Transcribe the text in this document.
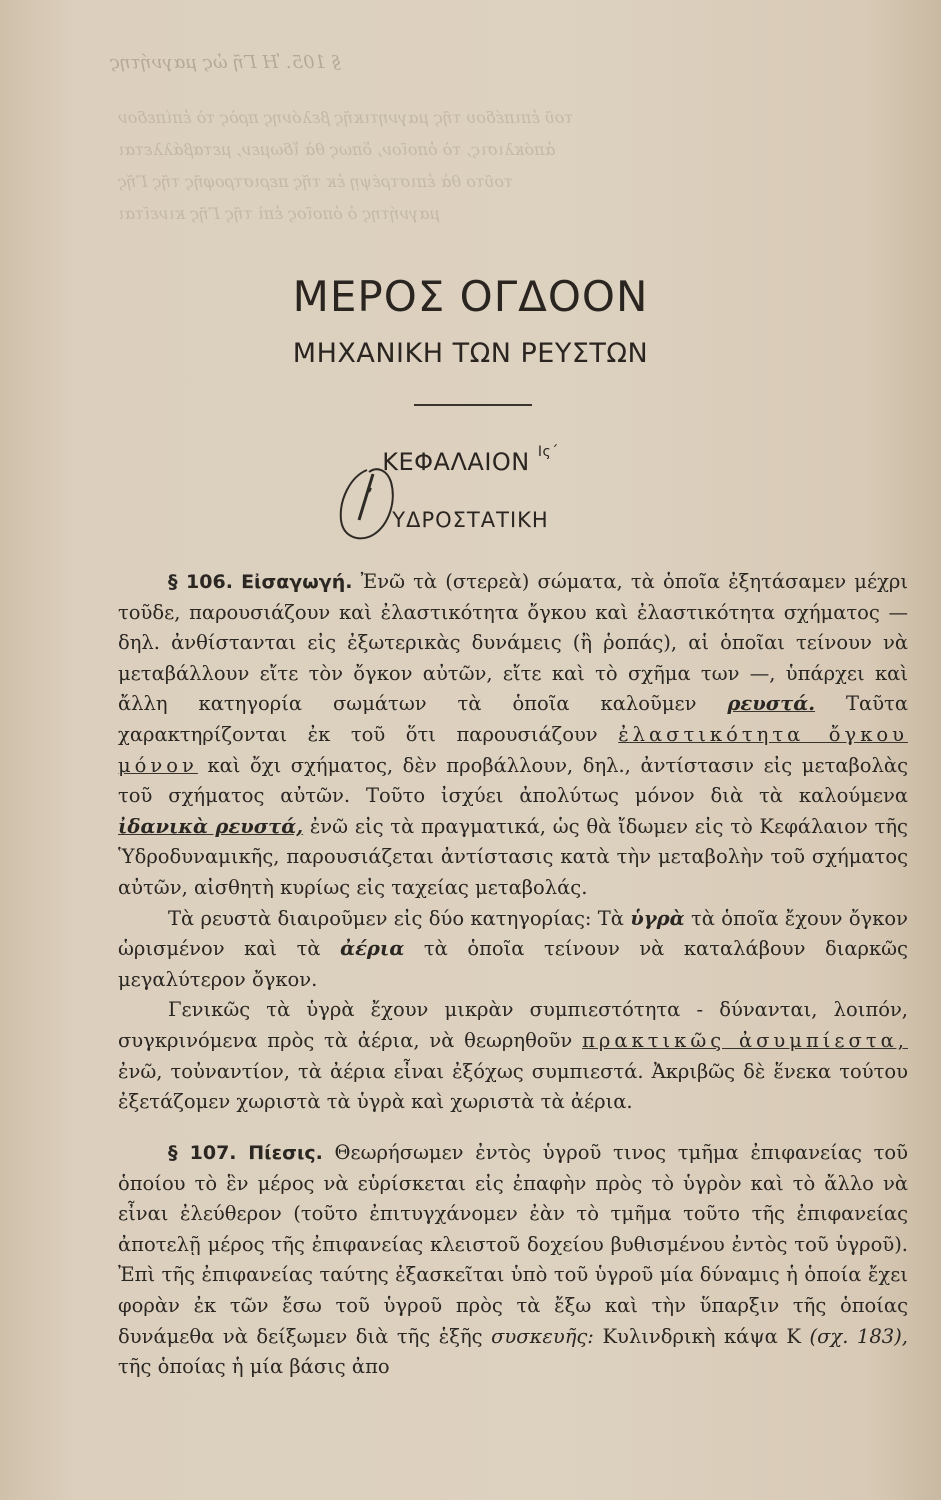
§ 105. Ἡ Γῆ ὡς μαγνήτης
τοῦ ἐπιπέδου τῆς μαγνητικῆς βελόνης πρὸς τὸ ἐπίπεδον
ἀπόκλισις, τὸ ὁποῖον, ὅπως θὰ ἴδωμεν, μεταβάλλεται
τοῦτο θὰ ἐπιστρέψῃ ἐκ τῆς περιστροφῆς τῆς Γῆς
μαγνήτης ὁ ὁποῖος ἐπὶ τῆς Γῆς κινεῖται
ΜΕΡΟΣ ΟΓΔΟΟΝ
ΜΗΧΑΝΙΚΗ ΤΩΝ ΡΕΥΣΤΩΝ
ΚΕΦΑΛΑΙΟΝ $^{I\varsigma΄}$
ΥΔΡΟΣΤΑΤΙΚΗ

§ 106. Εἰσαγωγή. Ἐνῶ τὰ (στερεὰ) σώματα, τὰ ὁποῖα ἐξητάσαμεν μέχρι τοῦδε, παρουσιάζουν καὶ ἐλαστικότητα ὄγκου καὶ ἐλαστικότητα σχήματος — δηλ. ἀνθίστανται εἰς ἐξωτερικὰς δυνάμεις (ἢ ῥοπάς), αἱ ὁποῖαι τείνουν νὰ μεταβάλλουν εἴτε τὸν ὄγκον αὐτῶν, εἴτε καὶ τὸ σχῆμα των —, ὑπάρχει καὶ ἄλλη κατηγορία σωμάτων τὰ ὁποῖα καλοῦμεν ρευστά. Ταῦτα χαρακτηρίζονται ἐκ τοῦ ὅτι παρουσιάζουν ἐλαστικότητα ὄγκου μόνον καὶ ὄχι σχήματος, δὲν προβάλλουν, δηλ., ἀντίστασιν εἰς μεταβολὰς τοῦ σχήματος αὐτῶν. Τοῦτο ἰσχύει ἀπολύτως μόνον διὰ τὰ καλούμενα ἰδανικὰ ρευστά, ἐνῶ εἰς τὰ πραγματικά, ὡς θὰ ἴδωμεν εἰς τὸ Κεφάλαιον τῆς Ὑδροδυναμικῆς, παρουσιάζεται ἀντίστασις κατὰ τὴν μεταβολὴν τοῦ σχήματος αὐτῶν, αἰσθητὴ κυρίως εἰς ταχείας μεταβολάς.

Τὰ ρευστὰ διαιροῦμεν εἰς δύο κατηγορίας: Τὰ ὑγρὰ τὰ ὁποῖα ἔχουν ὄγκον ὡρισμένον καὶ τὰ ἀέρια τὰ ὁποῖα τείνουν νὰ καταλάβουν διαρκῶς μεγαλύτερον ὄγκον.

Γενικῶς τὰ ὑγρὰ ἔχουν μικρὰν συμπιεστότητα - δύνανται, λοιπόν, συγκρινόμενα πρὸς τὰ ἀέρια, νὰ θεωρηθοῦν πρακτικῶς ἀσυμπίεστα, ἐνῶ, τοὐναντίον, τὰ ἀέρια εἶναι ἐξόχως συμπιεστά. Ἀκριβῶς δὲ ἕνεκα τούτου ἐξετάζομεν χωριστὰ τὰ ὑγρὰ καὶ χωριστὰ τὰ ἀέρια.

§ 107. Πίεσις. Θεωρήσωμεν ἐντὸς ὑγροῦ τινος τμῆμα ἐπιφανείας τοῦ ὁποίου τὸ ἓν μέρος νὰ εὑρίσκεται εἰς ἐπαφὴν πρὸς τὸ ὑγρὸν καὶ τὸ ἄλλο νὰ εἶναι ἐλεύθερον (τοῦτο ἐπιτυγχάνομεν ἐὰν τὸ τμῆμα τοῦτο τῆς ἐπιφανείας ἀποτελῇ μέρος τῆς ἐπιφανείας κλειστοῦ δοχείου βυθισμένου ἐντὸς τοῦ ὑγροῦ). Ἐπὶ τῆς ἐπιφανείας ταύτης ἐξασκεῖται ὑπὸ τοῦ ὑγροῦ μία δύναμις ἡ ὁποία ἔχει φορὰν ἐκ τῶν ἔσω τοῦ ὑγροῦ πρὸς τὰ ἔξω καὶ τὴν ὕπαρξιν τῆς ὁποίας δυνάμεθα νὰ δείξωμεν διὰ τῆς ἑξῆς συσκευῆς: Κυλινδρικὴ κάψα Κ (σχ. 183), τῆς ὁποίας ἡ μία βάσις ἀπο
